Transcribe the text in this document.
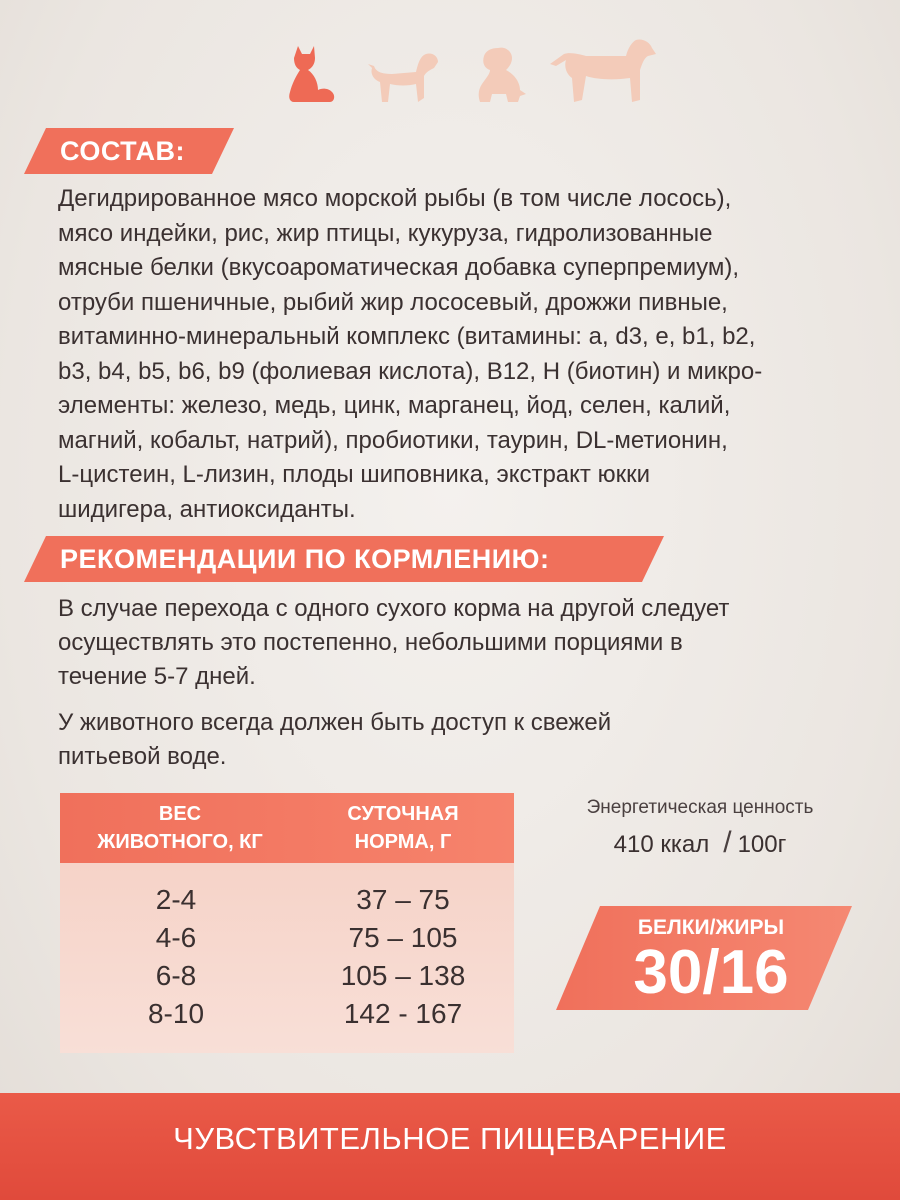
СОСТАВ:
Дегидрированное мясо морской рыбы (в том числе лосось),
мясо индейки, рис, жир птицы, кукуруза, гидролизованные
мясные белки (вкусоароматическая добавка суперпремиум),
отруби пшеничные, рыбий жир лососевый, дрожжи пивные,
витаминно-минеральный комплекс (витамины: a, d3, e, b1, b2,
b3, b4, b5, b6, b9 (фолиевая кислота), B12, H (биотин) и микро-
элементы: железо, медь, цинк, марганец, йод, селен, калий,
магний, кобальт, натрий), пробиотики, таурин, DL-метионин,
L-цистеин, L-лизин, плоды шиповника, экстракт юкки
шидигера, антиоксиданты.
РЕКОМЕНДАЦИИ ПО КОРМЛЕНИЮ:
В случае перехода с одного сухого корма на другой следует
осуществлять это постепенно, небольшими порциями в
течение 5-7 дней.
У животного всегда должен быть доступ к свежей
питьевой воде.
ВЕС
ЖИВОТНОГО, КГ
СУТОЧНАЯ
НОРМА, Г
2-4
4-6
6-8
8-10
37 – 75
75 – 105
105 – 138
142 - 167
Энергетическая ценность
410 ккал / 100г
БЕЛКИ/ЖИРЫ
30/16
ЧУВСТВИТЕЛЬНОЕ ПИЩЕВАРЕНИЕ
